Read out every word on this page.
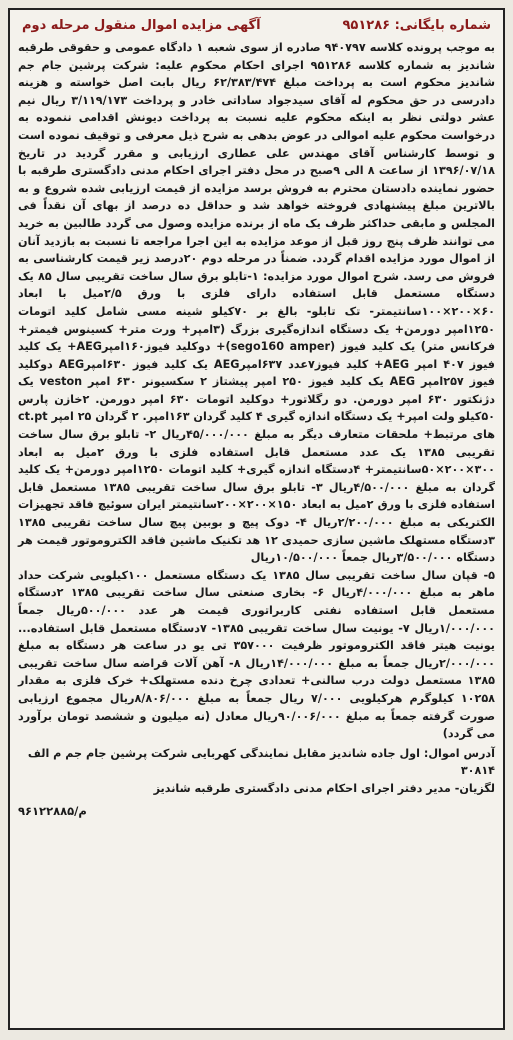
شماره بایگانی: ۹۵۱۲۸۶
آگهی مزایده اموال منقول مرحله دوم

به موجب پرونده کلاسه ۹۴۰۷۹۷ صادره از سوی شعبه ۱ دادگاه عمومی و حقوقی طرقبه شاندیز به شماره کلاسه ۹۵۱۲۸۶ اجرای احکام محکوم علیه: شرکت پرشین جام جم شاندیز محکوم است به پرداخت مبلغ ۶۲/۳۸۳/۴۷۴ ریال بابت اصل خواسته و هزینه دادرسی در حق محکوم له آقای سیدجواد ساداتی خادر و پرداخت ۳/۱۱۹/۱۷۳ ریال نیم عشر دولتی نظر به اینکه محکوم علیه نسبت به پرداخت دیونش اقدامی ننموده به درخواست محکوم علیه اموالی در عوض بدهی به شرح ذیل معرفی و توقیف نموده است و توسط کارشناس آقای مهندس علی عطاری ارزیابی و مقرر گردید در تاریخ ۱۳۹۶/۰۷/۱۸ از ساعت ۸ الی ۹صبح در محل دفتر اجرای احکام مدنی دادگستری طرقبه با حضور نماینده دادستان محترم به فروش برسد مزایده از قیمت ارزیابی شده شروع و به بالاترین مبلغ پیشنهادی فروخته خواهد شد و حداقل ده درصد از بهای آن نقداً فی المجلس و مابقی حداکثر ظرف یک ماه از برنده مزایده وصول می گردد طالبین به خرید می توانند ظرف پنج روز قبل از موعد مزایده به این اجرا مراجعه تا نسبت به بازدید آنان از اموال مورد مزایده اقدام گردد. ضمناً در مرحله دوم ۲۰درصد زیر قیمت کارشناسی به فروش می رسد. شرح اموال مورد مزایده: ۱-تابلو برق سال ساخت تقریبی سال ۸۵ یک دستگاه مستعمل قابل استفاده دارای فلزی با ورق ۲/۵میل با ابعاد ۶۰×۲۰۰×۱۰۰سانتیمتر- تک تابلو- بالغ بر ۷۰کیلو شینه مسی شامل کلید اتومات ۱۲۵۰امپر دورمن+ یک دستگاه اندازه‌گیری بزرگ (۳امپر+ ورت متر+ کسینوس فیمتر+ فرکانس متر) یک کلید فیوز (sego160 amper)+ دوکلید فیوز۱۶۰امپرAEG+ یک کلید فیوز ۴۰۷ امپر AEG+ کلید فیوز۷عدد ۶۳۷امپرAEG یک کلید فیوز ۶۳۰امپرAEG دوکلید فیوز ۲۵۷امپر AEG یک کلید فیوز ۲۵۰ امپر پیشتاز ۲ سکسیونر ۶۳۰ امپر veston یک دژنکتور ۶۳۰ امپر دورمن. دو رگلاتور+ دوکلید اتومات ۶۳۰ امپر دورمن. ۲خازن پارس ۵۰کیلو ولت امپر+ یک دستگاه اندازه گیری ۴ کلید گردان ۱۶۳امپر. ۲ گردان ۲۵ امپر ct.pt های مرتبط+ ملحقات متعارف دیگر به مبلغ ۴۵/۰۰۰/۰۰۰ریال ۲- تابلو برق سال ساخت تقریبی ۱۳۸۵ یک عدد مستعمل قابل استفاده فلزی با ورق ۲میل به ابعاد ۳۰۰×۲۰۰×۵۰سانتیمتر+ ۴دستگاه اندازه گیری+ کلید اتومات ۱۲۵۰امپر دورمن+ یک کلید گردان به مبلغ ۴/۵۰۰/۰۰۰ریال ۳- تابلو برق سال ساخت تقریبی ۱۳۸۵ مستعمل قابل استفاده فلزی با ورق ۲میل به ابعاد ۱۵۰×۲۰۰×۲۰۰سانتیمتر ایران سوئیچ فاقد تجهیزات الکتریکی به مبلغ ۲/۲۰۰/۰۰۰ریال ۴- دوک پیچ و بوبین پیچ سال ساخت تقریبی ۱۳۸۵ ۳دستگاه مستهلک ماشین سازی حمیدی ۱۲ هد تکنیک ماشین فاقد الکتروموتور قیمت هر دستگاه ۳/۵۰۰/۰۰۰ریال جمعاً ۱۰/۵۰۰/۰۰۰ریال

۵- قپان سال ساخت تقریبی سال ۱۳۸۵ یک دستگاه مستعمل ۱۰۰کیلویی شرکت حداد ماهر به مبلغ ۴/۰۰۰/۰۰۰ریال ۶- بخاری صنعتی سال ساخت تقریبی ۱۳۸۵ ۲دستگاه مستعمل قابل استفاده نفتی کاربراتوری قیمت هر عدد ۵۰۰/۰۰۰ریال جمعاً ۱/۰۰۰/۰۰۰ریال ۷- یونیت سال ساخت تقریبی ۱۳۸۵- ۷دستگاه مستعمل قابل استفاده... یونیت هیتر فاقد الکتروموتور ظرفیت ۳۵۷۰۰۰ تی یو در ساعت هر دستگاه به مبلغ ۲/۰۰۰/۰۰۰ریال جمعاً به مبلغ ۱۴/۰۰۰/۰۰۰ریال ۸- آهن آلات قراضه سال ساخت تقریبی ۱۳۸۵ مستعمل دولت درب سالنی+ تعدادی چرخ دنده مستهلک+ خرک فلزی به مقدار ۱۰۲۵۸ کیلوگرم هرکیلویی ۷/۰۰۰ ریال جمعاً به مبلغ ۸/۸۰۶/۰۰۰ریال مجموع ارزیابی صورت گرفته جمعاً به مبلغ ۹۰/۰۰۶/۰۰۰ریال معادل (نه میلیون و ششصد تومان برآورد می گردد)

آدرس اموال: اول جاده شاندیز مقابل نمایندگی کهربایی شرکت پرشین جام جم م الف ۳۰۸۱۴
لگزیان- مدیر دفتر اجرای احکام مدنی دادگستری طرقبه شاندیز
م/۹۶۱۲۲۸۸۵
